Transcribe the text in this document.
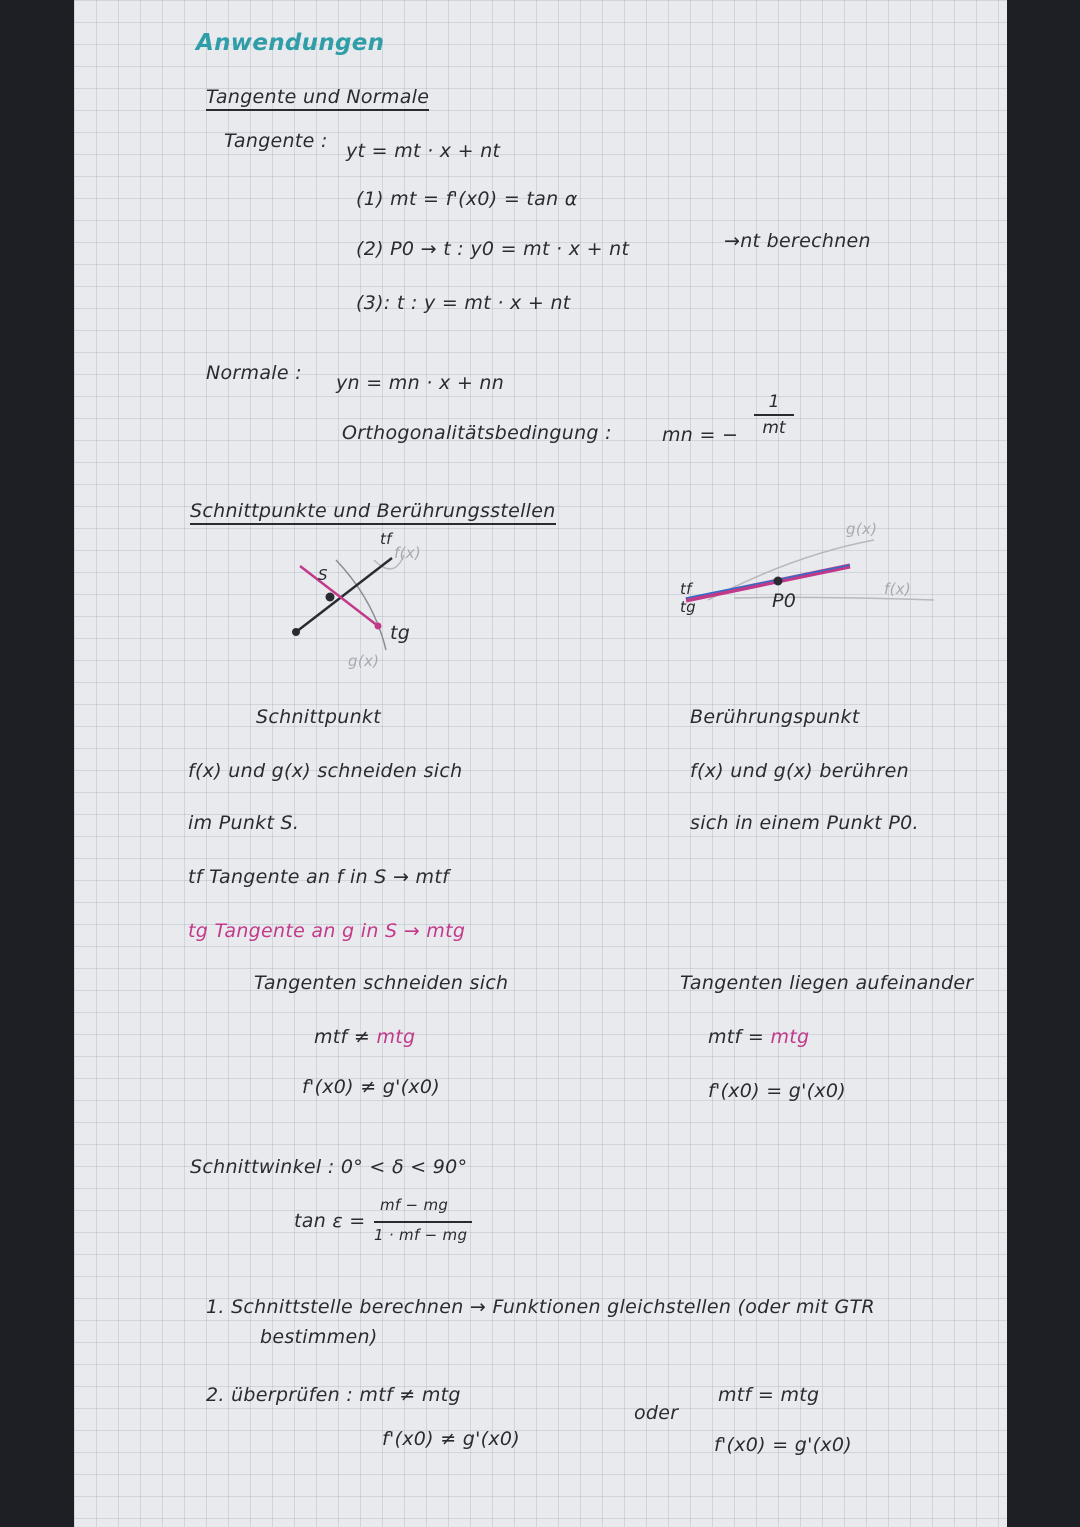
Anwendungen
Tangente und Normale
Tangente : yt = mt · x + nt
(1) mt = f'(x0) = tan α
(2) P0 → t : y0 = mt · x + nt	→nt berechnen
(3): t : y = mt · x + nt
Normale : yn = mn · x + nn
Orthogonalitätsbedingung :	mn = −
1
mt
Schnittpunkte und Berührungsstellen
tf
f(x)
S
tg
g(x)
tf
tg	P0
g(x)
f(x)
Schnittpunkt
f(x) und g(x) schneiden sich
im Punkt S.
tf Tangente an f in S → mtf
tg Tangente an g in S → mtg
Tangenten schneiden sich
mtf ≠ mtg
f'(x0) ≠ g'(x0)
Berührungspunkt
f(x) und g(x) berühren
sich in einem Punkt P0.
Tangenten liegen aufeinander
mtf = mtg
f'(x0) = g'(x0)
Schnittwinkel : 0° < δ < 90°
tan ε =
mf − mg
1 · mf − mg
1. Schnittstelle berechnen → Funktionen gleichstellen (oder mit GTR
bestimmen)
2. überprüfen : mtf ≠ mtg
f'(x0) ≠ g'(x0)
oder
mtf = mtg
f'(x0) = g'(x0)
